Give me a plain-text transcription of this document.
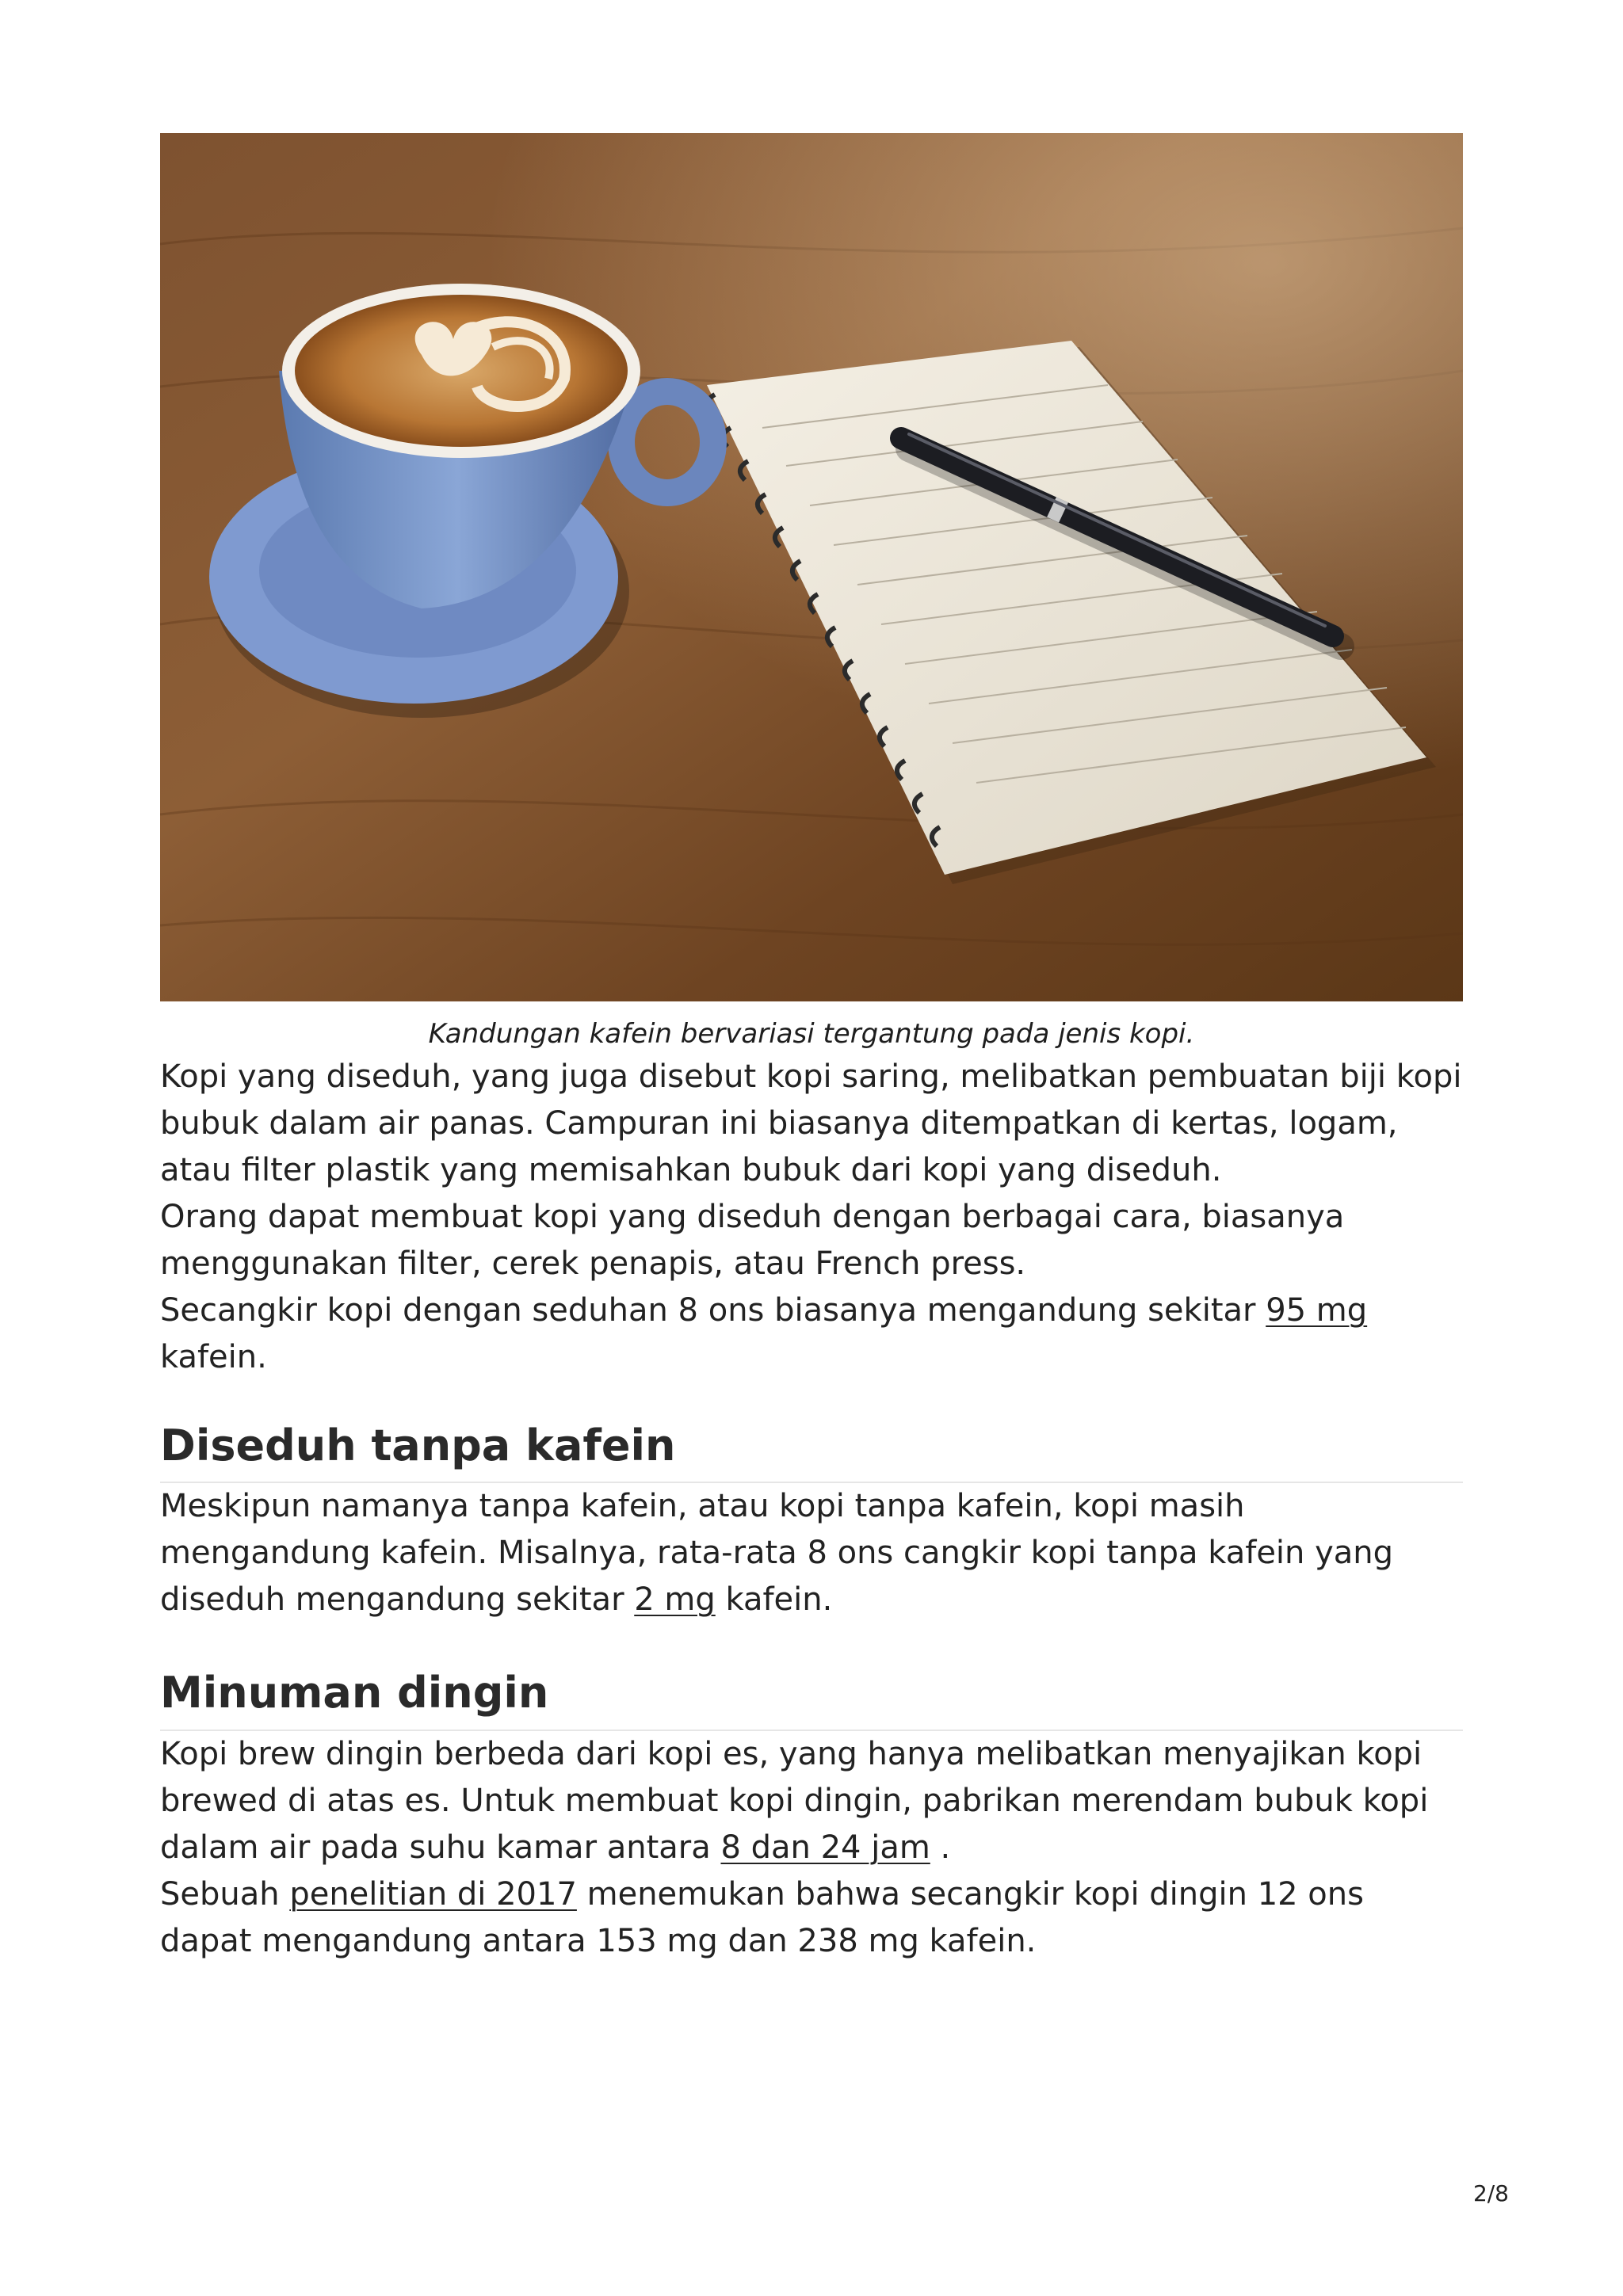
Kandungan kafein bervariasi tergantung pada jenis kopi.

Kopi yang diseduh, yang juga disebut kopi saring, melibatkan pembuatan biji kopi bubuk dalam air panas. Campuran ini biasanya ditempatkan di kertas, logam, atau filter plastik yang memisahkan bubuk dari kopi yang diseduh.

Orang dapat membuat kopi yang diseduh dengan berbagai cara, biasanya menggunakan filter, cerek penapis, atau French press.

Secangkir kopi dengan seduhan 8 ons biasanya mengandung sekitar 95 mg kafein.

Diseduh tanpa kafein

Meskipun namanya tanpa kafein, atau kopi tanpa kafein, kopi masih mengandung kafein. Misalnya, rata-rata 8 ons cangkir kopi tanpa kafein yang diseduh mengandung sekitar 2 mg kafein.

Minuman dingin

Kopi brew dingin berbeda dari kopi es, yang hanya melibatkan menyajikan kopi brewed di atas es. Untuk membuat kopi dingin, pabrikan merendam bubuk kopi dalam air pada suhu kamar antara 8 dan 24 jam .

Sebuah penelitian di 2017 menemukan bahwa secangkir kopi dingin 12 ons dapat mengandung antara 153 mg dan 238 mg kafein.

2/8
